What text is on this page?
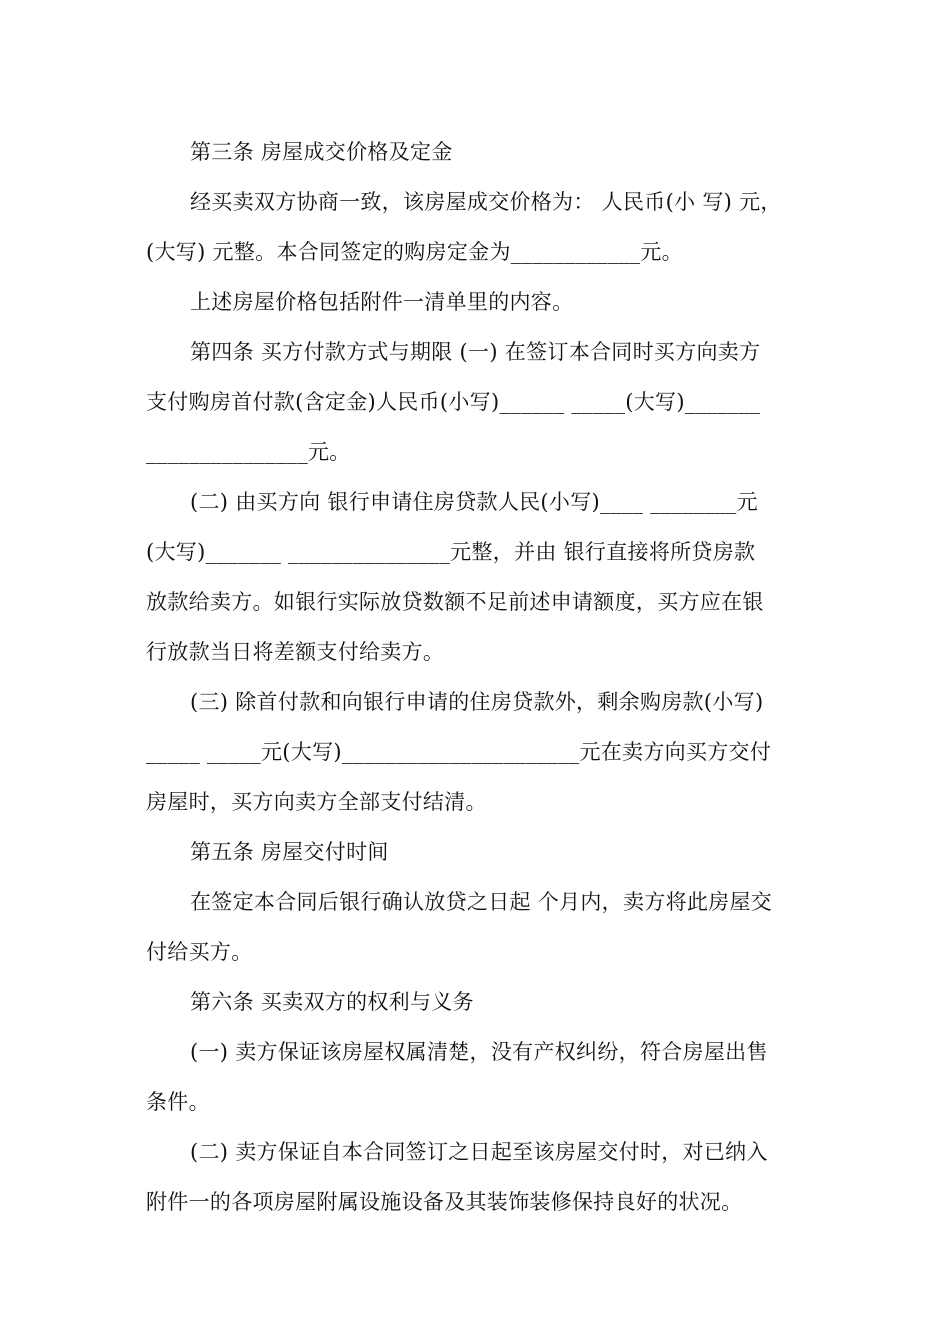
第三条 房屋成交价格及定金
经买卖双方协商一致，该房屋成交价格为： 人民币(小 写) 元，
(大写) 元整。本合同签定的购房定金为____________元。
上述房屋价格包括附件一清单里的内容。
第四条 买方付款方式与期限 (一) 在签订本合同时买方向卖方
支付购房首付款(含定金)人民币(小写)______ _____(大写)_______
_______________元。
(二) 由买方向 银行申请住房贷款人民(小写)____ ________元
(大写)_______ _______________元整，并由 银行直接将所贷房款
放款给卖方。如银行实际放贷数额不足前述申请额度，买方应在银
行放款当日将差额支付给卖方。
(三) 除首付款和向银行申请的住房贷款外，剩余购房款(小写)
_____ _____元(大写)______________________元在卖方向买方交付
房屋时，买方向卖方全部支付结清。
第五条 房屋交付时间
在签定本合同后银行确认放贷之日起 个月内，卖方将此房屋交
付给买方。
第六条 买卖双方的权利与义务
(一) 卖方保证该房屋权属清楚，没有产权纠纷，符合房屋出售
条件。
(二) 卖方保证自本合同签订之日起至该房屋交付时，对已纳入
附件一的各项房屋附属设施设备及其装饰装修保持良好的状况。
